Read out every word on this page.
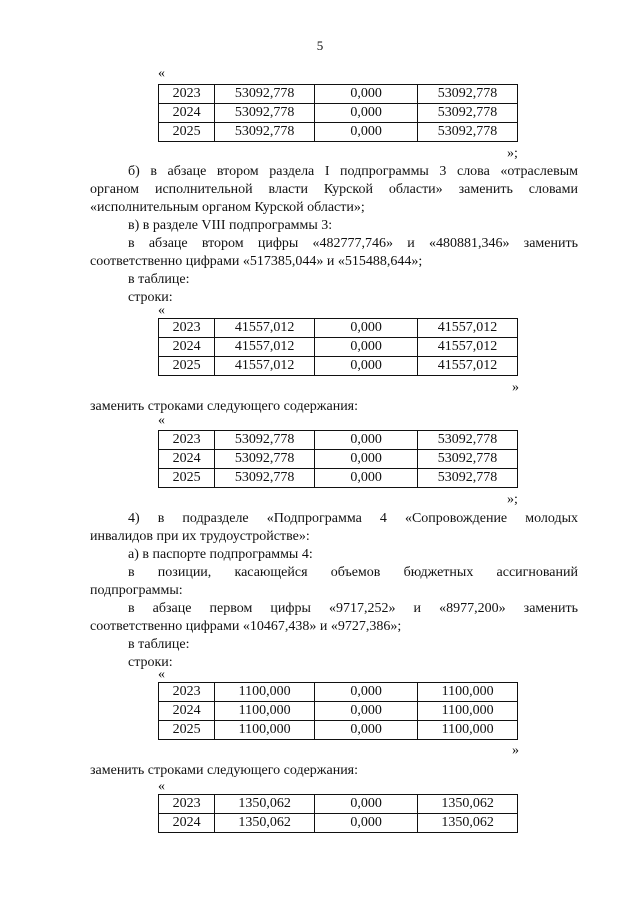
5
«
2023	53092,778	0,000	53092,778
2024	53092,778	0,000	53092,778
2025	53092,778	0,000	53092,778
»;
б) в абзаце втором раздела I подпрограммы 3 слова «отраслевым
органом исполнительной власти Курской области» заменить словами
«исполнительным органом Курской области»;
в) в разделе VIII подпрограммы 3:
в абзаце втором цифры «482777,746» и «480881,346» заменить
соответственно цифрами «517385,044» и «515488,644»;
в таблице:
строки:
«
2023	41557,012	0,000	41557,012
2024	41557,012	0,000	41557,012
2025	41557,012	0,000	41557,012
»
заменить строками следующего содержания:
«
2023	53092,778	0,000	53092,778
2024	53092,778	0,000	53092,778
2025	53092,778	0,000	53092,778
»;
4) в подразделе «Подпрограмма 4 «Сопровождение молодых
инвалидов при их трудоустройстве»:
а) в паспорте подпрограммы 4:
в позиции, касающейся объемов бюджетных ассигнований
подпрограммы:
в абзаце первом цифры «9717,252» и «8977,200» заменить
соответственно цифрами «10467,438» и «9727,386»;
в таблице:
строки:
«
2023	1100,000	0,000	1100,000
2024	1100,000	0,000	1100,000
2025	1100,000	0,000	1100,000
»
заменить строками следующего содержания:
«
2023	1350,062	0,000	1350,062
2024	1350,062	0,000	1350,062
